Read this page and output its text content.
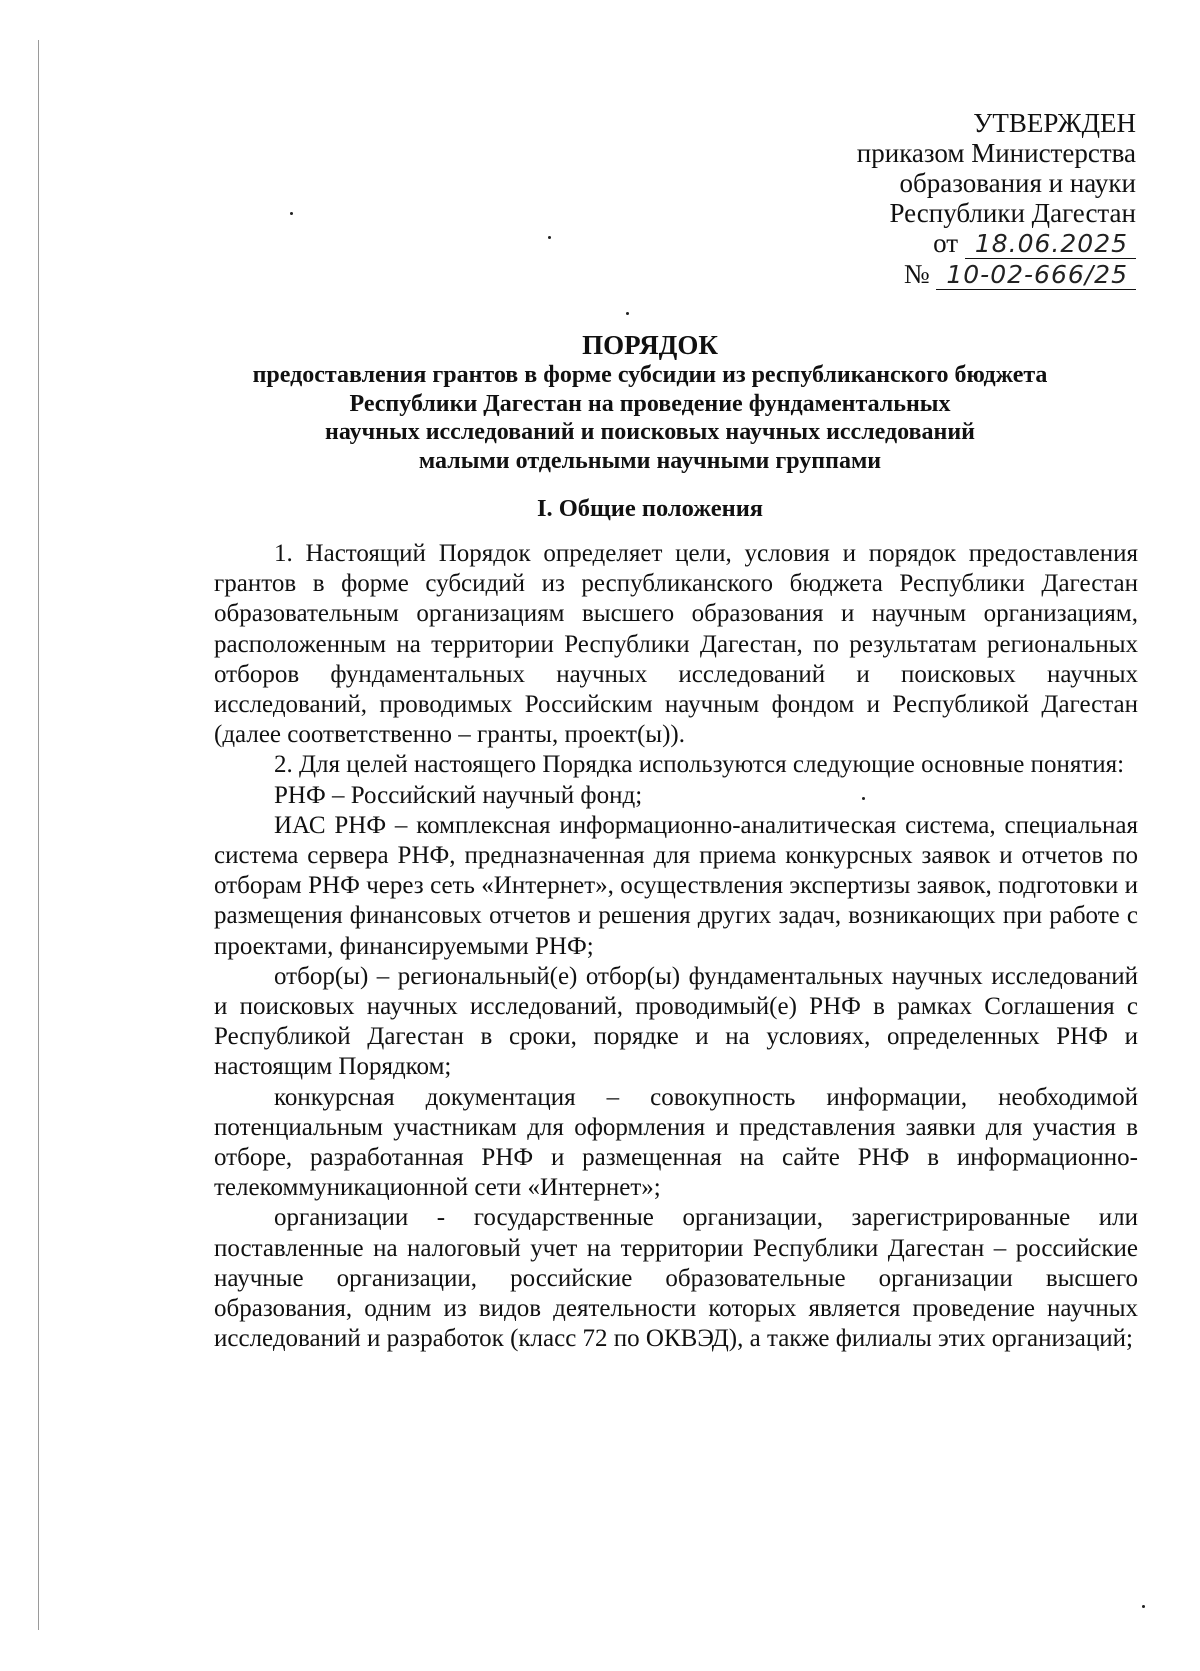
УТВЕРЖДЕН
приказом Министерства
образования и науки
Республики Дагестан
от 18.06.2025
№ 10-02-666/25
ПОРЯДОК
предоставления грантов в форме субсидии из республиканского бюджета
Республики Дагестан на проведение фундаментальных
научных исследований и поисковых научных исследований
малыми отдельными научными группами
I. Общие положения

1. Настоящий Порядок определяет цели, условия и порядок предоставления грантов в форме субсидий из республиканского бюджета Республики Дагестан образовательным организациям высшего образования и научным организациям, расположенным на территории Республики Дагестан, по результатам региональных отборов фундаментальных научных исследований и поисковых научных исследований, проводимых Российским научным фондом и Республикой Дагестан (далее соответственно – гранты, проект(ы)).

2. Для целей настоящего Порядка используются следующие основные понятия:

РНФ – Российский научный фонд;

ИАС РНФ – комплексная информационно-аналитическая система, специальная система сервера РНФ, предназначенная для приема конкурсных заявок и отчетов по отборам РНФ через сеть «Интернет», осуществления экспертизы заявок, подготовки и размещения финансовых отчетов и решения других задач, возникающих при работе с проектами, финансируемыми РНФ;

отбор(ы) – региональный(е) отбор(ы) фундаментальных научных исследований и поисковых научных исследований, проводимый(е) РНФ в рамках Соглашения с Республикой Дагестан в сроки, порядке и на условиях, определенных РНФ и настоящим Порядком;

конкурсная документация – совокупность информации, необходимой потенциальным участникам для оформления и представления заявки для участия в отборе, разработанная РНФ и размещенная на сайте РНФ в информационно-телекоммуникационной сети «Интернет»;

организации - государственные организации, зарегистрированные или поставленные на налоговый учет на территории Республики Дагестан – российские научные организации, российские образовательные организации высшего образования, одним из видов деятельности которых является проведение научных исследований и разработок (класс 72 по ОКВЭД), а также филиалы этих организаций;
